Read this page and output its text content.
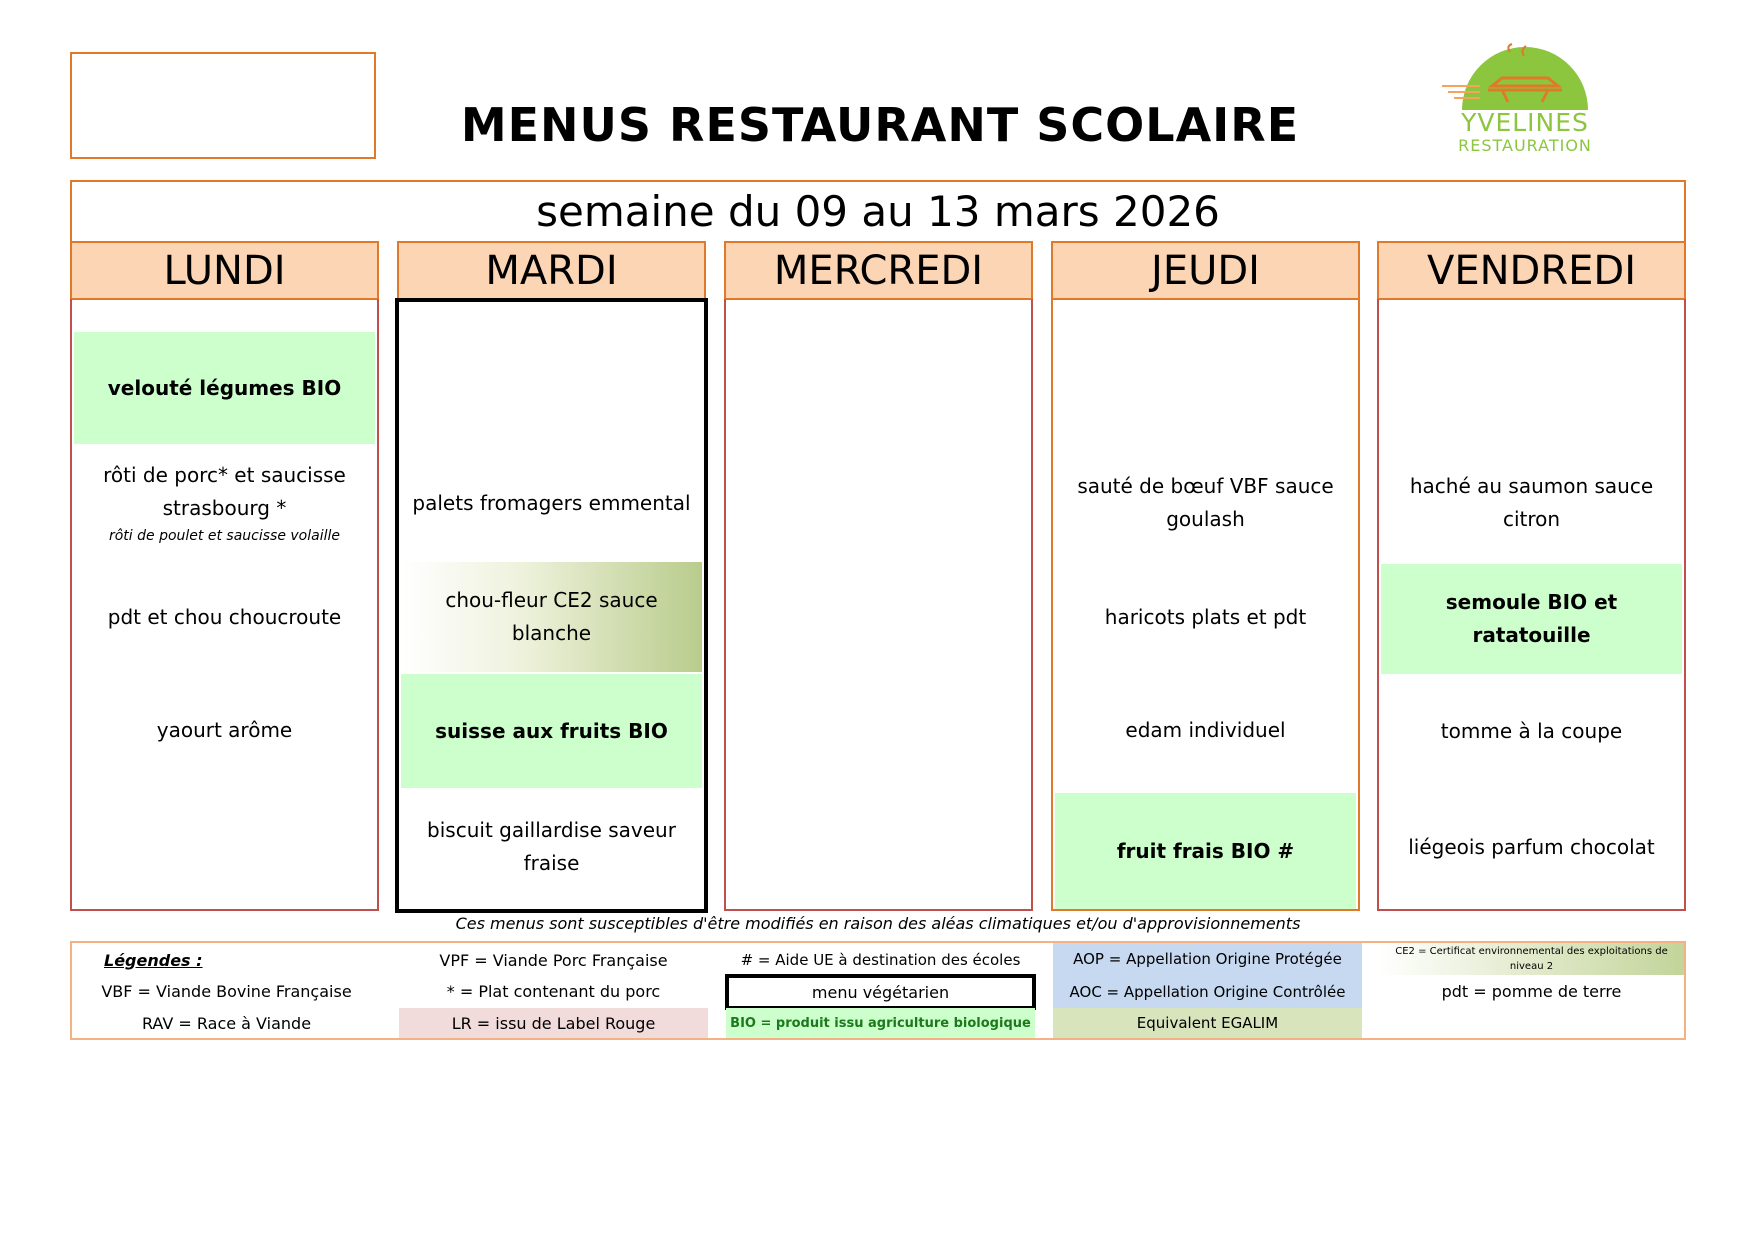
MENUS RESTAURANT SCOLAIRE	YVELINES
RESTAURATION
semaine du 09 au 13 mars 2026
LUNDI
velouté légumes BIO
rôti de porc* et saucisse strasbourg *
rôti de poulet et saucisse volaille
pdt et chou choucroute
yaourt arôme
MARDI
palets fromagers emmental
chou-fleur CE2 sauce blanche
suisse aux fruits BIO
biscuit gaillardise saveur fraise
MERCREDI	JEUDI
sauté de bœuf VBF sauce goulash
haricots plats et pdt
edam individuel
fruit frais BIO #
VENDREDI
haché au saumon sauce citron
semoule BIO et ratatouille
tomme à la coupe
liégeois parfum chocolat
Ces menus sont susceptibles d'être modifiés en raison des aléas climatiques et/ou d'approvisionnements
Légendes :	VPF = Viande Porc Française	# = Aide UE à destination des écoles	AOP = Appellation Origine Protégée	CE2 = Certificat environnemental des exploitations de niveau 2
VBF = Viande Bovine Française	* = Plat contenant du porc	menu végétarien	AOC = Appellation Origine Contrôlée	pdt = pomme de terre
RAV = Race à Viande	LR = issu de Label Rouge	BIO = produit issu agriculture biologique	Equivalent EGALIM
